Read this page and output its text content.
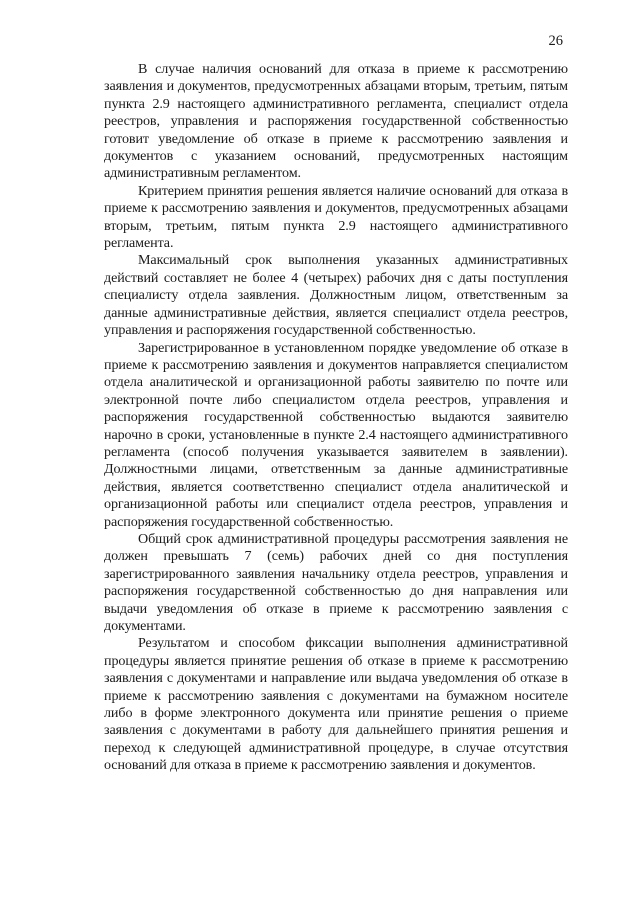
26

В случае наличия оснований для отказа в приеме к рассмотрению заявления и документов, предусмотренных абзацами вторым, третьим, пятым пункта 2.9 настоящего административного регламента, специалист отдела реестров, управления и распоряжения государственной собственностью готовит уведомление об отказе в приеме к рассмотрению заявления и документов с указанием оснований, предусмотренных настоящим административным регламентом.

Критерием принятия решения является наличие оснований для отказа в приеме к рассмотрению заявления и документов, предусмотренных абзацами вторым, третьим, пятым пункта 2.9 настоящего административного регламента.

Максимальный срок выполнения указанных административных действий составляет не более 4 (четырех) рабочих дня с даты поступления специалисту отдела заявления. Должностным лицом, ответственным за данные административные действия, является специалист отдела реестров, управления и распоряжения государственной собственностью.

Зарегистрированное в установленном порядке уведомление об отказе в приеме к рассмотрению заявления и документов направляется специалистом отдела аналитической и организационной работы заявителю по почте или электронной почте либо специалистом отдела реестров, управления и распоряжения государственной собственностью выдаются заявителю нарочно в сроки, установленные в пункте 2.4 настоящего административного регламента (способ получения указывается заявителем в заявлении). Должностными лицами, ответственным за данные административные действия, является соответственно специалист отдела аналитической и организационной работы или специалист отдела реестров, управления и распоряжения государственной собственностью.

Общий срок административной процедуры рассмотрения заявления не должен превышать 7 (семь) рабочих дней со дня поступления зарегистрированного заявления начальнику отдела реестров, управления и распоряжения государственной собственностью до дня направления или выдачи уведомления об отказе в приеме к рассмотрению заявления с документами.

Результатом и способом фиксации выполнения административной процедуры является принятие решения об отказе в приеме к рассмотрению заявления с документами и направление или выдача уведомления об отказе в приеме к рассмотрению заявления с документами на бумажном носителе либо в форме электронного документа или принятие решения о приеме заявления с документами в работу для дальнейшего принятия решения и переход к следующей административной процедуре, в случае отсутствия оснований для отказа в приеме к рассмотрению заявления и документов.
